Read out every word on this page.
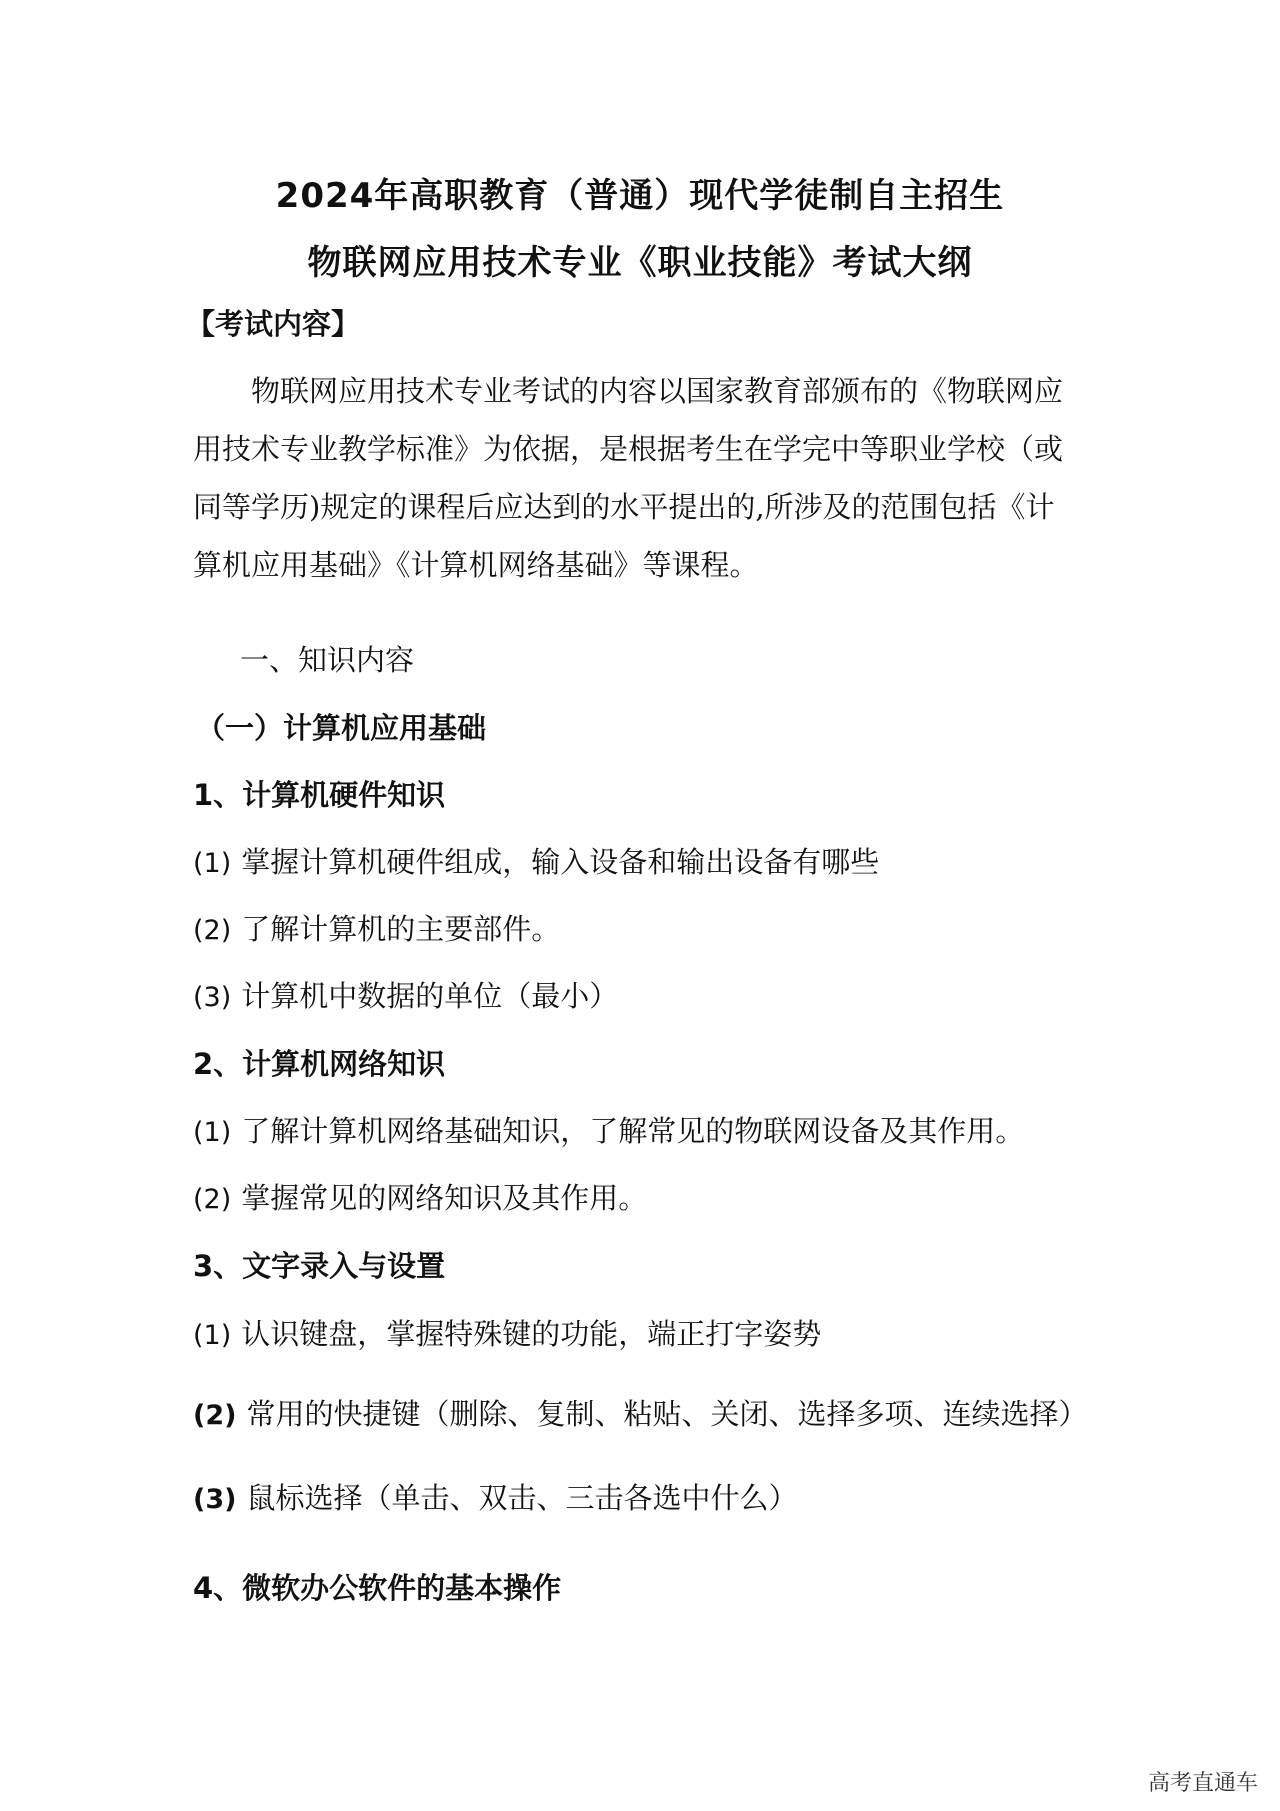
2024年高职教育（普通）现代学徒制自主招生
物联网应用技术专业《职业技能》考试大纲
【考试内容】
物联网应用技术专业考试的内容以国家教育部颁布的《物联网应
用技术专业教学标准》为依据，是根据考生在学完中等职业学校（或
同等学历)规定的课程后应达到的水平提出的,所涉及的范围包括《计
算机应用基础》《计算机网络基础》等课程。
一、知识内容
（一）计算机应用基础
1、计算机硬件知识
(1) 掌握计算机硬件组成，输入设备和输出设备有哪些
(2) 了解计算机的主要部件。
(3) 计算机中数据的单位（最小）
2、计算机网络知识
(1) 了解计算机网络基础知识，了解常见的物联网设备及其作用。
(2) 掌握常见的网络知识及其作用。
3、文字录入与设置
(1) 认识键盘，掌握特殊键的功能，端正打字姿势
(2) 常用的快捷键（删除、复制、粘贴、关闭、选择多项、连续选择）
(3) 鼠标选择（单击、双击、三击各选中什么）
4、微软办公软件的基本操作
高考直通车
